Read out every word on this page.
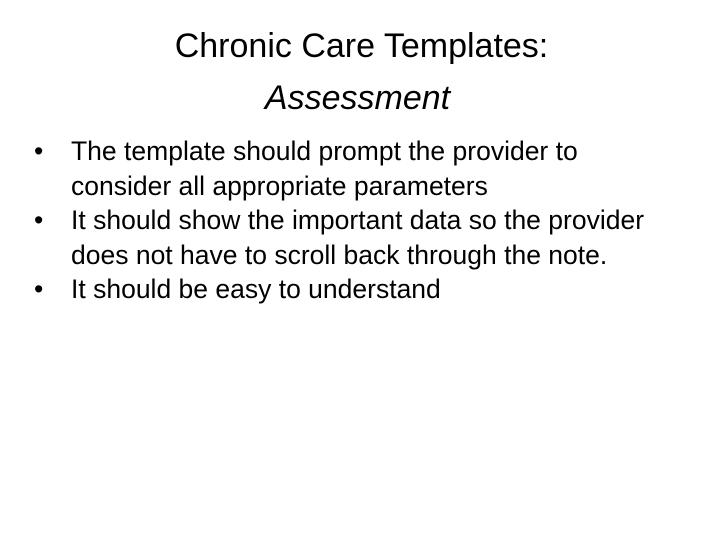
Chronic Care Templates:
Assessment
•	The template should prompt the provider to consider all appropriate parameters
•	It should show the important data so the provider does not have to scroll back through the note.
•	It should be easy to understand
